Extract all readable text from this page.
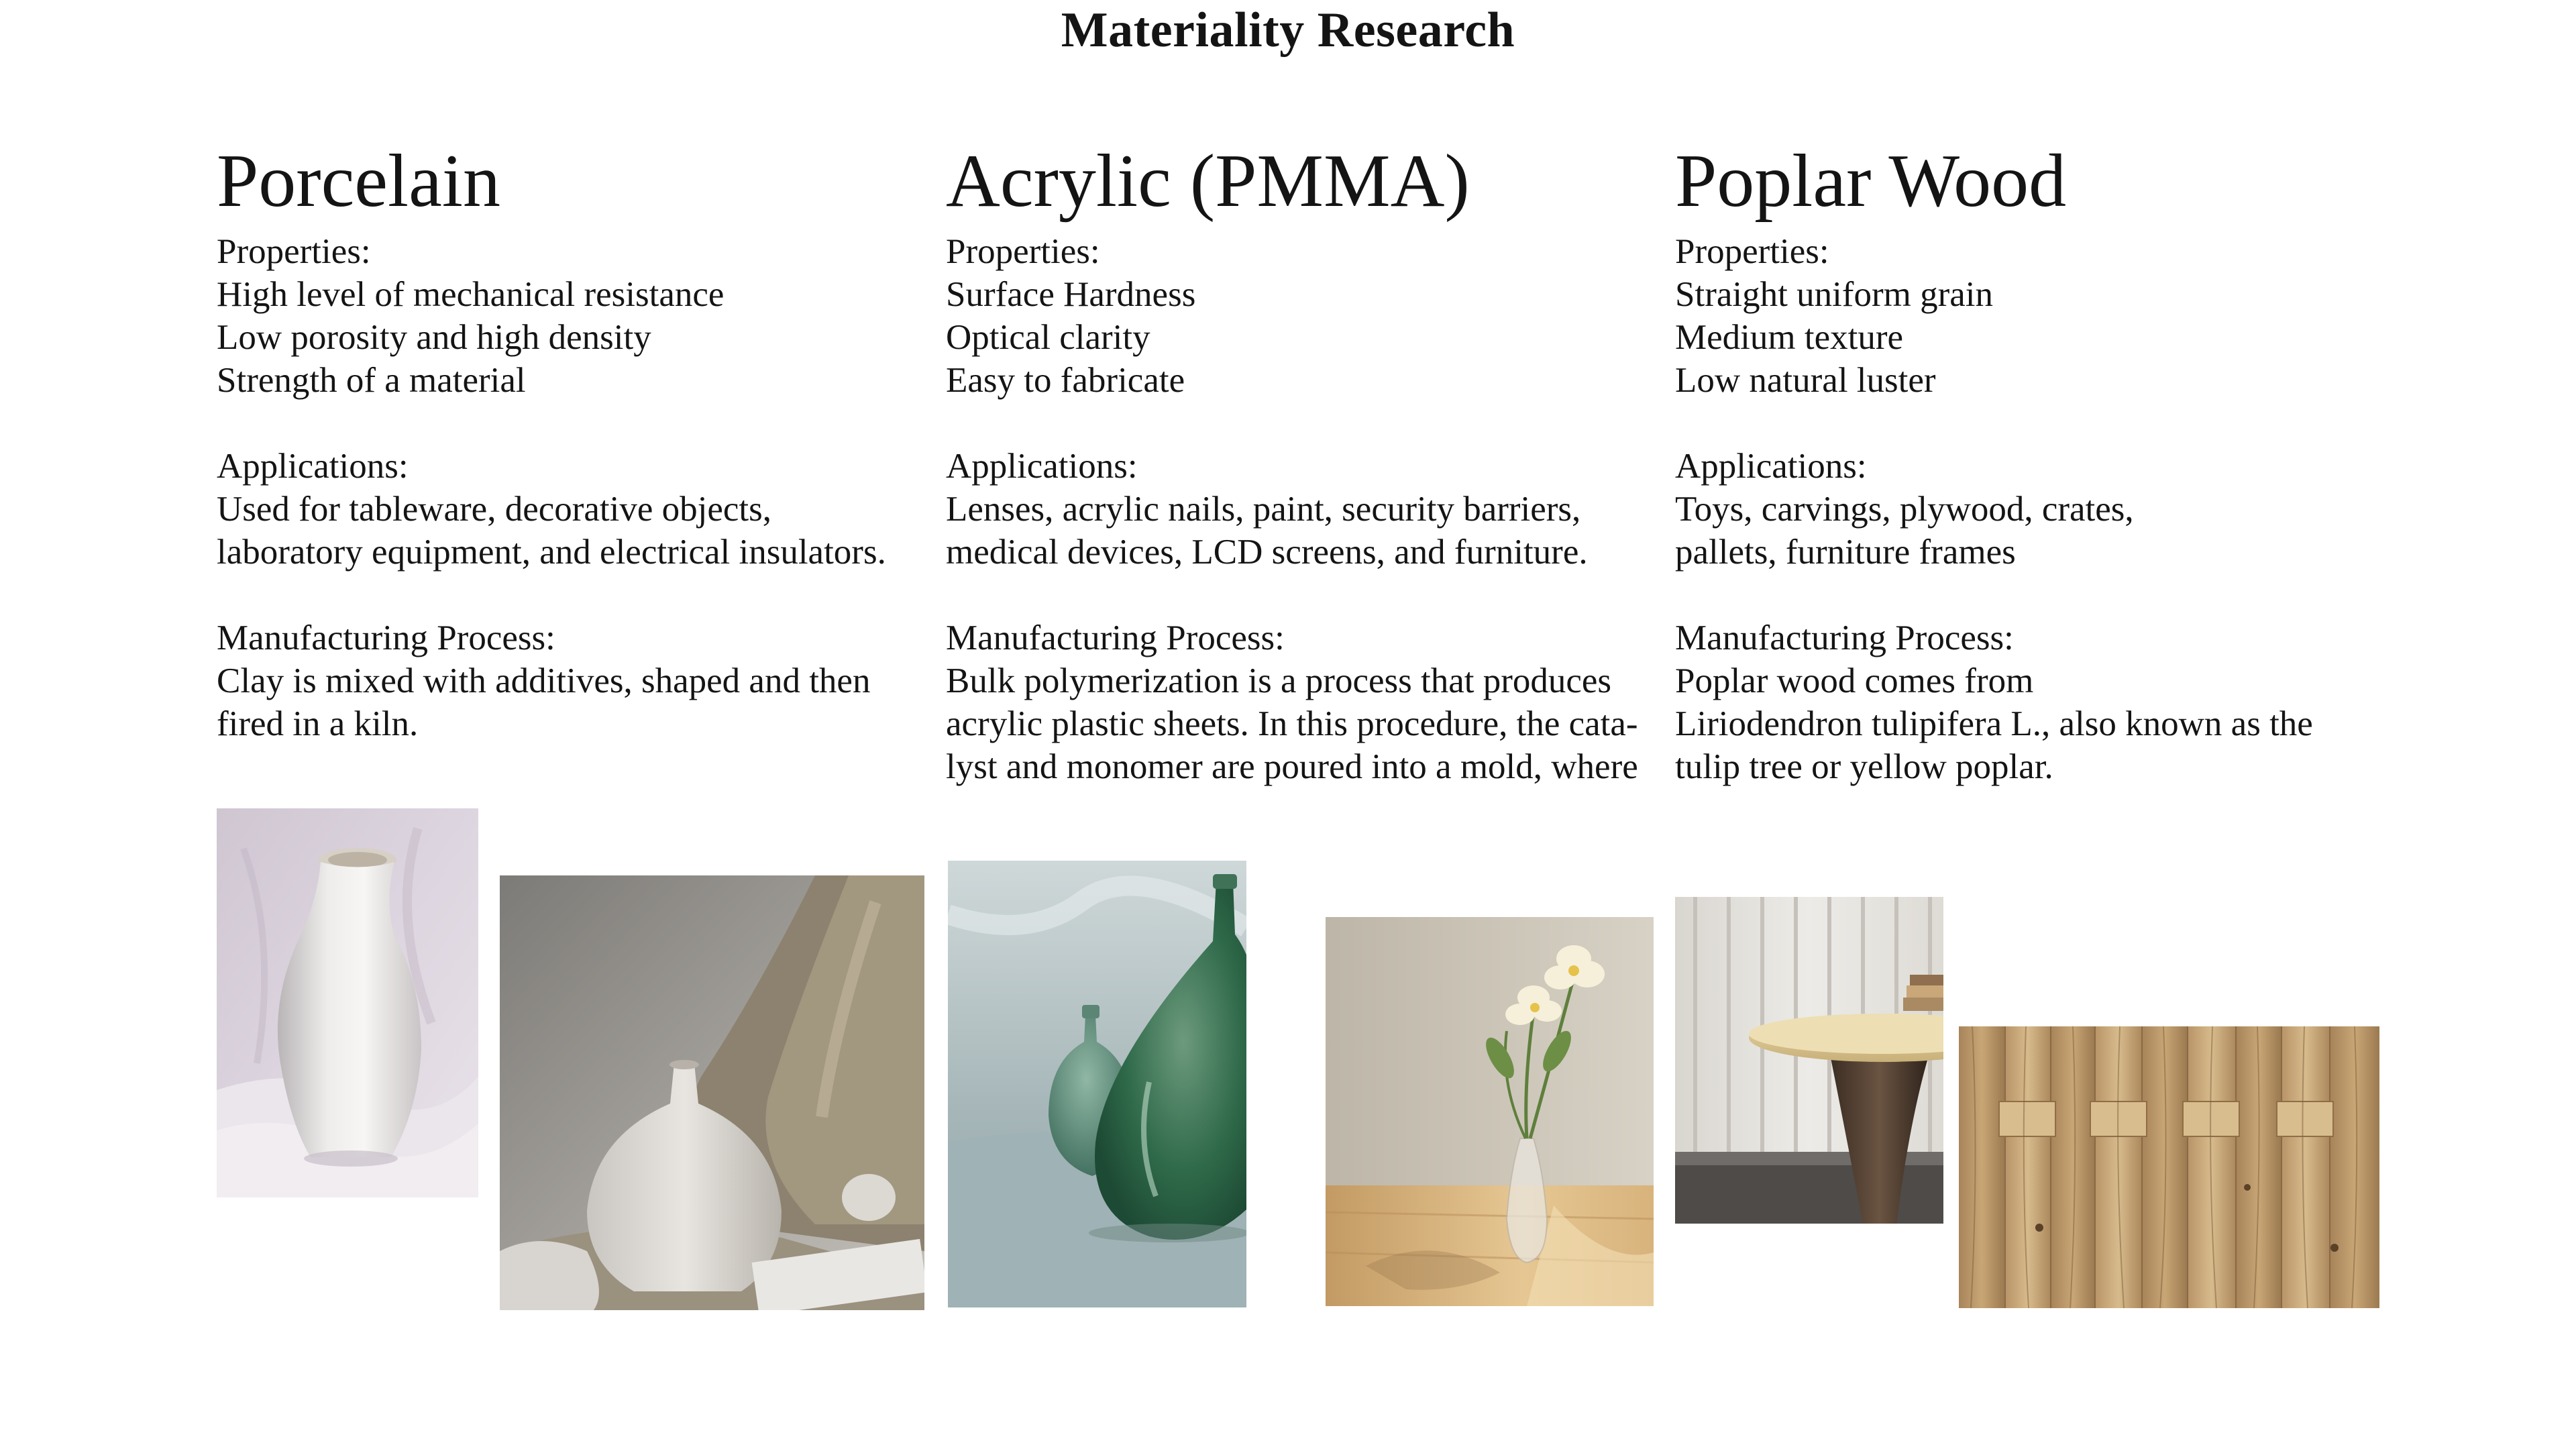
Materiality Research
Porcelain
Properties:
High level of mechanical resistance
Low porosity and high density
Strength of a material
Applications:
Used for tableware, decorative objects,
laboratory equipment, and electrical insulators.
Manufacturing Process:
Clay is mixed with additives, shaped and then
fired in a kiln.
Acrylic (PMMA)
Properties:
Surface Hardness
Optical clarity
Easy to fabricate
Applications:
Lenses, acrylic nails, paint, security barriers,
medical devices, LCD screens, and furniture.
Manufacturing Process:
Bulk polymerization is a process that produces
acrylic plastic sheets. In this procedure, the cata-
lyst and monomer are poured into a mold, where
Poplar Wood
Properties:
Straight uniform grain
Medium texture
Low natural luster
Applications:
Toys, carvings, plywood, crates,
pallets, furniture frames
Manufacturing Process:
Poplar wood comes from
Liriodendron tulipifera L., also known as the
tulip tree or yellow poplar.
